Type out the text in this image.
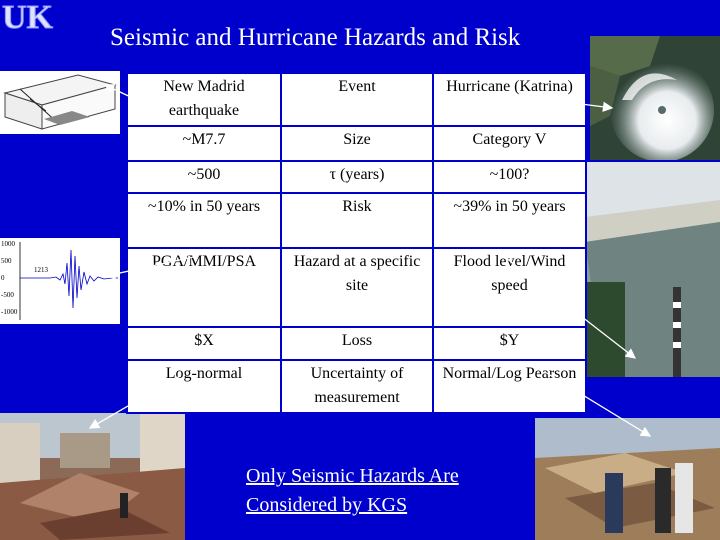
UK
Seismic and Hurricane Hazards and Risk
1000
500
0
-500
-1000
1213
New Madrid earthquake	Event	Hurricane (Katrina)
~M7.7	Size	Category V
~500	τ (years)	~100?
~10% in 50 years	Risk	~39% in 50 years
PGA/MMI/PSA	Hazard at a specific site	Flood level/Wind speed
$X	Loss	$Y
Log-normal	Uncertainty of measurement	Normal/Log Pearson
Only Seismic Hazards Are
Considered by KGS
